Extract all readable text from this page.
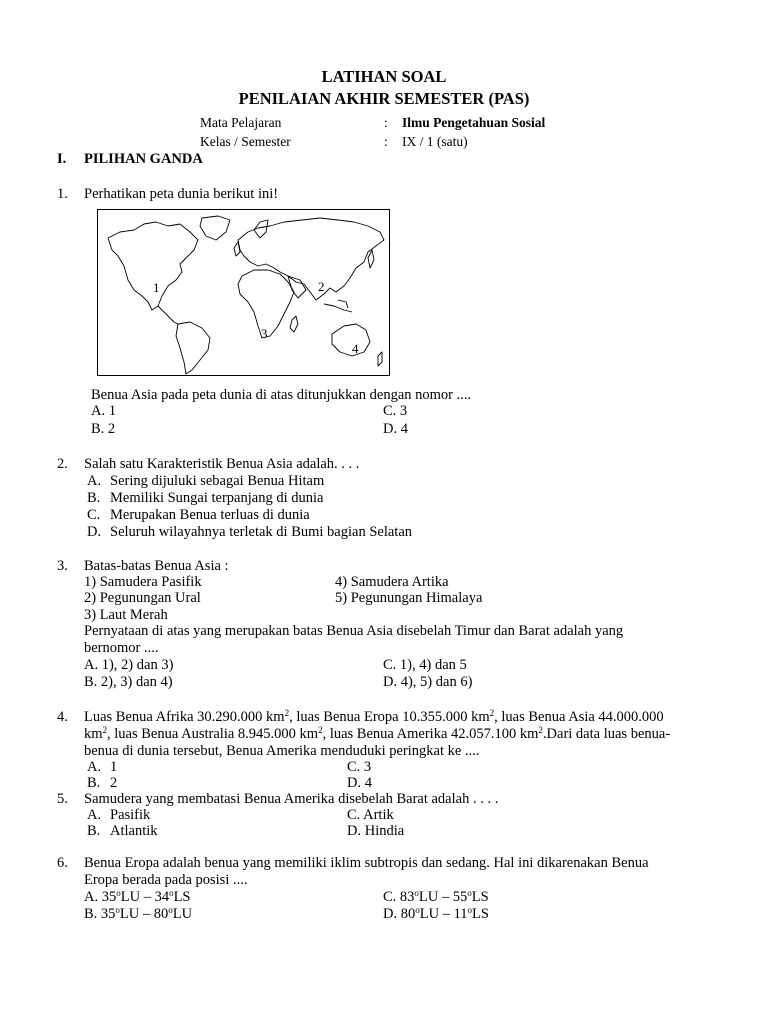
LATIHAN SOAL
PENILAIAN AKHIR SEMESTER (PAS)
Mata Pelajaran	: Ilmu Pengetahuan Sosial
Kelas / Semester	: IX / 1 (satu)
I. PILIHAN GANDA
1. Perhatikan peta dunia berikut ini!
1	2
3
4
Benua Asia pada peta dunia di atas ditunjukkan dengan nomor ....
A. 1	C. 3
B. 2	D. 4
2. Salah satu Karakteristik Benua Asia adalah. . . .
A. Sering dijuluki sebagai Benua Hitam
B. Memiliki Sungai terpanjang di dunia
C. Merupakan Benua terluas di dunia
D. Seluruh wilayahnya terletak di Bumi bagian Selatan
3. Batas-batas Benua Asia :
1) Samudera Pasifik	4) Samudera Artika
2) Pegunungan Ural	5) Pegunungan Himalaya
3) Laut Merah
Pernyataan di atas yang merupakan batas Benua Asia disebelah Timur dan Barat adalah yang
bernomor ....
A. 1), 2) dan 3)	C. 1), 4) dan 5
B. 2), 3) dan 4)	D. 4), 5) dan 6)
4. Luas Benua Afrika 30.290.000 $km^2$, luas Benua Eropa 10.355.000 $km^2$, luas Benua Asia 44.000.000
$km^2$, luas Benua Australia 8.945.000 $km^2$, luas Benua Amerika 42.057.100 $km^2.Dari$ data luas benua-
benua di dunia tersebut, Benua Amerika menduduki peringkat ke ....
A. 1	C. 3
B. 2	D. 4
5. Samudera yang membatasi Benua Amerika disebelah Barat adalah . . . .
A. Pasifik	C. Artik
B. Atlantik	D. Hindia
6. Benua Eropa adalah benua yang memiliki iklim subtropis dan sedang. Hal ini dikarenakan Benua
Eropa berada pada posisi ....
A. 35$^o$LU – 34$^o$LS	C. 83$^o$LU – 55$^o$LS
B. 35$^o$LU – 80$^o$LU	D. 80$^o$LU – 11$^o$LS
